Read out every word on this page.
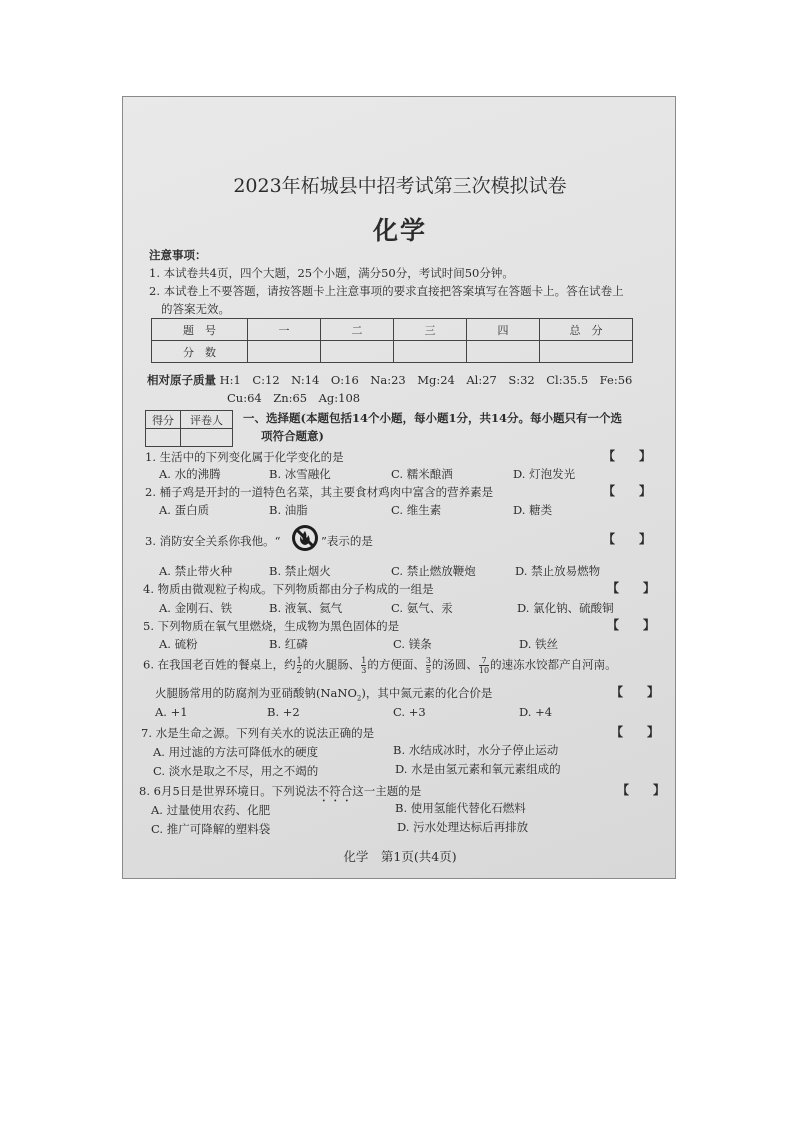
2023年柘城县中招考试第三次模拟试卷
化学
注意事项：
1. 本试卷共4页，四个大题，25个小题，满分50分，考试时间50分钟。
2. 本试卷上不要答题，请按答题卡上注意事项的要求直接把答案填写在答题卡上。答在试卷上
的答案无效。
题　号	一	二	三	四	总　分
分　数					
相对原子质量 H:1　C:12　N:14　O:16　Na:23　Mg:24　Al:27　S:32　Cl:35.5　Fe:56
Cu:64　Zn:65　Ag:108
得分	评卷人
	一、选择题(本题包括14个小题，每小题1分，共14分。每小题只有一个选
项符合题意)
1. 生活中的下列变化属于化学变化的是	【　　】
A. 水的沸腾	B. 冰雪融化	C. 糯米酿酒	D. 灯泡发光
2. 桶子鸡是开封的一道特色名菜，其主要食材鸡肉中富含的营养素是	【　　】
A. 蛋白质	B. 油脂	C. 维生素	D. 糖类
3. 消防安全关系你我他。“	”表示的是	【　　】
A. 禁止带火种	B. 禁止烟火	C. 禁止燃放鞭炮	D. 禁止放易燃物
4. 物质由微观粒子构成。下列物质都由分子构成的一组是	【　　】
A. 金刚石、铁	B. 液氧、氦气	C. 氨气、汞	D. 氯化钠、硫酸铜
5. 下列物质在氧气里燃烧，生成物为黑色固体的是	【　　】
A. 硫粉	B. 红磷	C. 镁条	D. 铁丝
6. 在我国老百姓的餐桌上，约 $\frac{1}{2}$ 的火腿肠、 $\frac{1}{3}$ 的方便面、 $\frac{3}{5}$ 的汤圆、 $\frac{7}{10}$ 的速冻水饺都产自河南。
火腿肠常用的防腐剂为亚硝酸钠(NaNO$_2$)，其中氮元素的化合价是	【　　】
A. +1	B. +2	C. +3	D. +4
7. 水是生命之源。下列有关水的说法正确的是	【　　】
A. 用过滤的方法可降低水的硬度	B. 水结成冰时，水分子停止运动
C. 淡水是取之不尽，用之不竭的	D. 水是由氢元素和氧元素组成的
8. 6月5日是世界环境日。下列说法不符合这一主题的是	【　　】
A. 过量使用农药、化肥	B. 使用氢能代替化石燃料
C. 推广可降解的塑料袋	D. 污水处理达标后再排放
化学　第1页(共4页)
